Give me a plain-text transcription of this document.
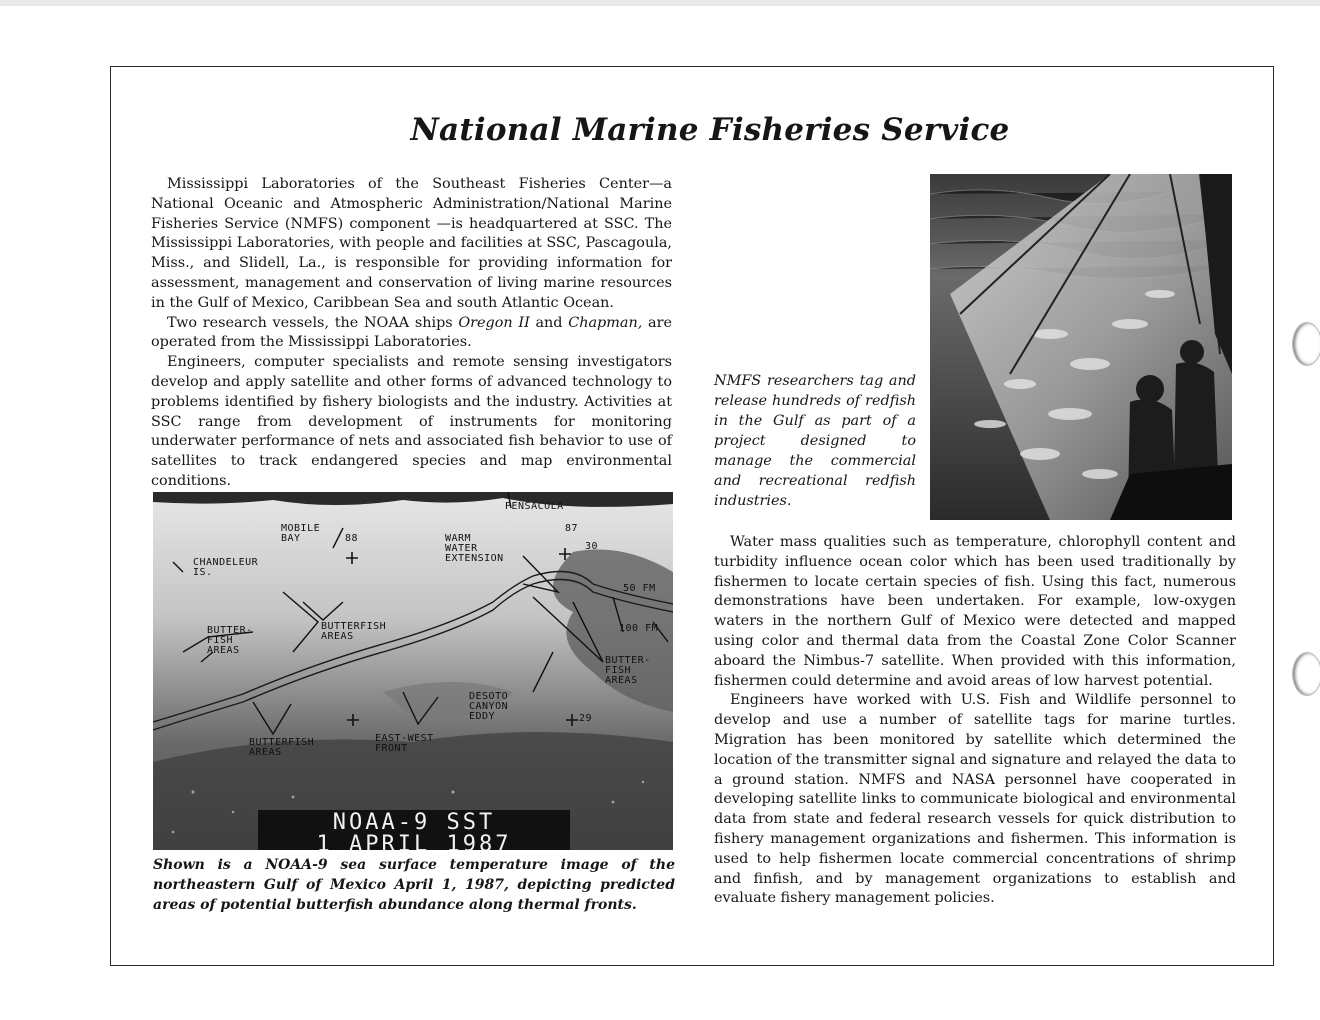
National Marine Fisheries Service

Mississippi Laboratories of the Southeast Fisheries Center—a National Oceanic and Atmospheric Administration/National Marine Fisheries Service (NMFS) component —is headquartered at SSC. The Mississippi Laboratories, with people and facilities at SSC, Pascagoula, Miss., and Slidell, La., is responsible for providing information for assessment, management and conservation of living marine resources in the Gulf of Mexico, Caribbean Sea and south Atlantic Ocean.

Two research vessels, the NOAA ships Oregon II and Chapman, are operated from the Mississippi Laboratories.

Engineers, computer specialists and remote sensing investigators develop and apply satellite and other forms of advanced technology to problems identified by fishery biologists and the industry. Activities at SSC range from development of instruments for monitoring underwater performance of nets and associated fish behavior to use of satellites to track endangered species and map environmental conditions.

NMFS researchers tag and release hundreds of redfish in the Gulf as part of a project designed to manage the commercial and recreational redfish industries.
PENSACOLA
MOBILE
BAY	88
87
30
WARM
WATER
EXTENSION
CHANDELEUR
IS.
50 FM
100 FM
BUTTER-
FISH
AREAS
BUTTERFISH
AREAS
BUTTER-
FISH
AREAS
DESOTO
CANYON
EDDY	29
BUTTERFISH
AREAS
EAST-WEST
FRONT
NOAA-9 SST
1 APRIL 1987
Shown is a NOAA-9 sea surface temperature image of the northeastern Gulf of Mexico April 1, 1987, depicting predicted areas of potential butterfish abundance along thermal fronts.

Water mass qualities such as temperature, chlorophyll content and turbidity influence ocean color which has been used traditionally by fishermen to locate certain species of fish. Using this fact, numerous demonstrations have been undertaken. For example, low-oxygen waters in the northern Gulf of Mexico were detected and mapped using color and thermal data from the Coastal Zone Color Scanner aboard the Nimbus-7 satellite. When provided with this information, fishermen could determine and avoid areas of low harvest potential.

Engineers have worked with U.S. Fish and Wildlife personnel to develop and use a number of satellite tags for marine turtles. Migration has been monitored by satellite which determined the location of the transmitter signal and signature and relayed the data to a ground station. NMFS and NASA personnel have cooperated in developing satellite links to communicate biological and environmental data from state and federal research vessels for quick distribution to fishery management organizations and fishermen. This information is used to help fishermen locate commercial concentrations of shrimp and finfish, and by management organizations to establish and evaluate fishery management policies.
